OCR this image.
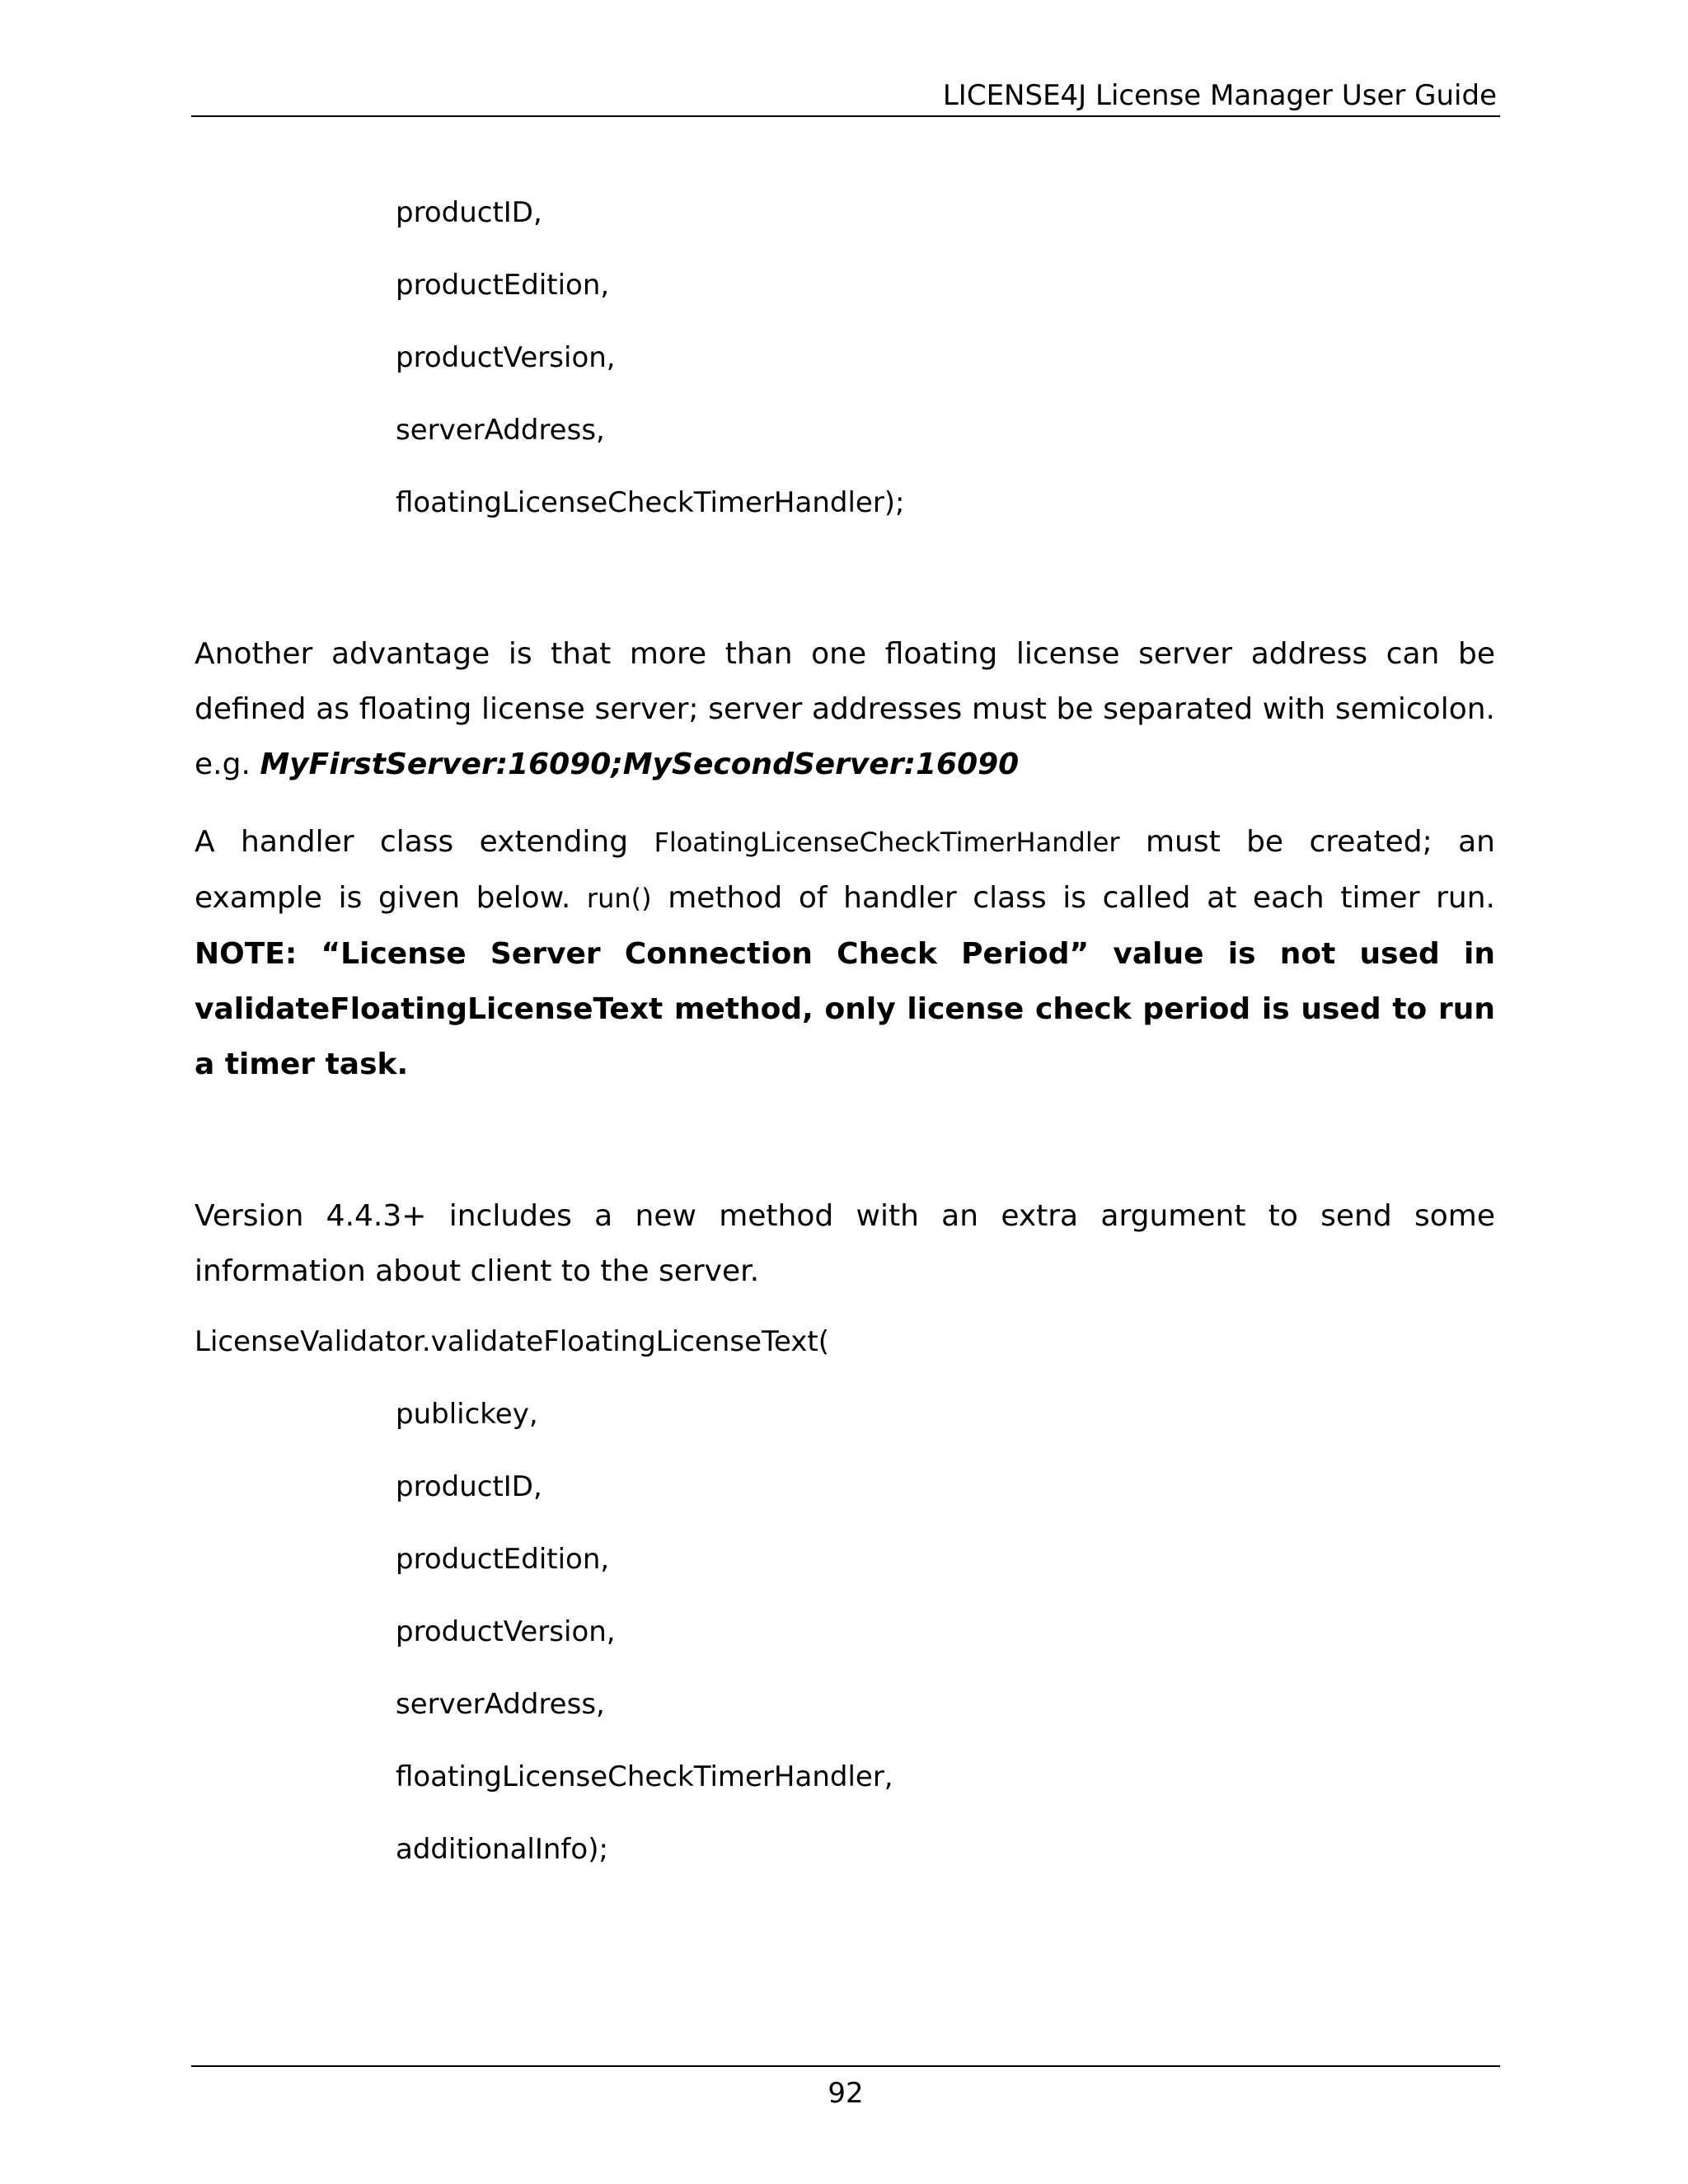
LICENSE4J License Manager User Guide
productID,
productEdition,
productVersion,
serverAddress,
floatingLicenseCheckTimerHandler);

Another advantage is that more than one floating license server address can be defined as floating license server; server addresses must be separated with semicolon. e.g. MyFirstServer:16090;MySecondServer:16090

A handler class extending FloatingLicenseCheckTimerHandler must be created; an example is given below. run() method of handler class is called at each timer run. NOTE: “License Server Connection Check Period” value is not used in validateFloatingLicenseText method, only license check period is used to run a timer task.

Version 4.4.3+ includes a new method with an extra argument to send some information about client to the server.

LicenseValidator.validateFloatingLicenseText(
publickey,
productID,
productEdition,
productVersion,
serverAddress,
floatingLicenseCheckTimerHandler,
additionalInfo);
92
